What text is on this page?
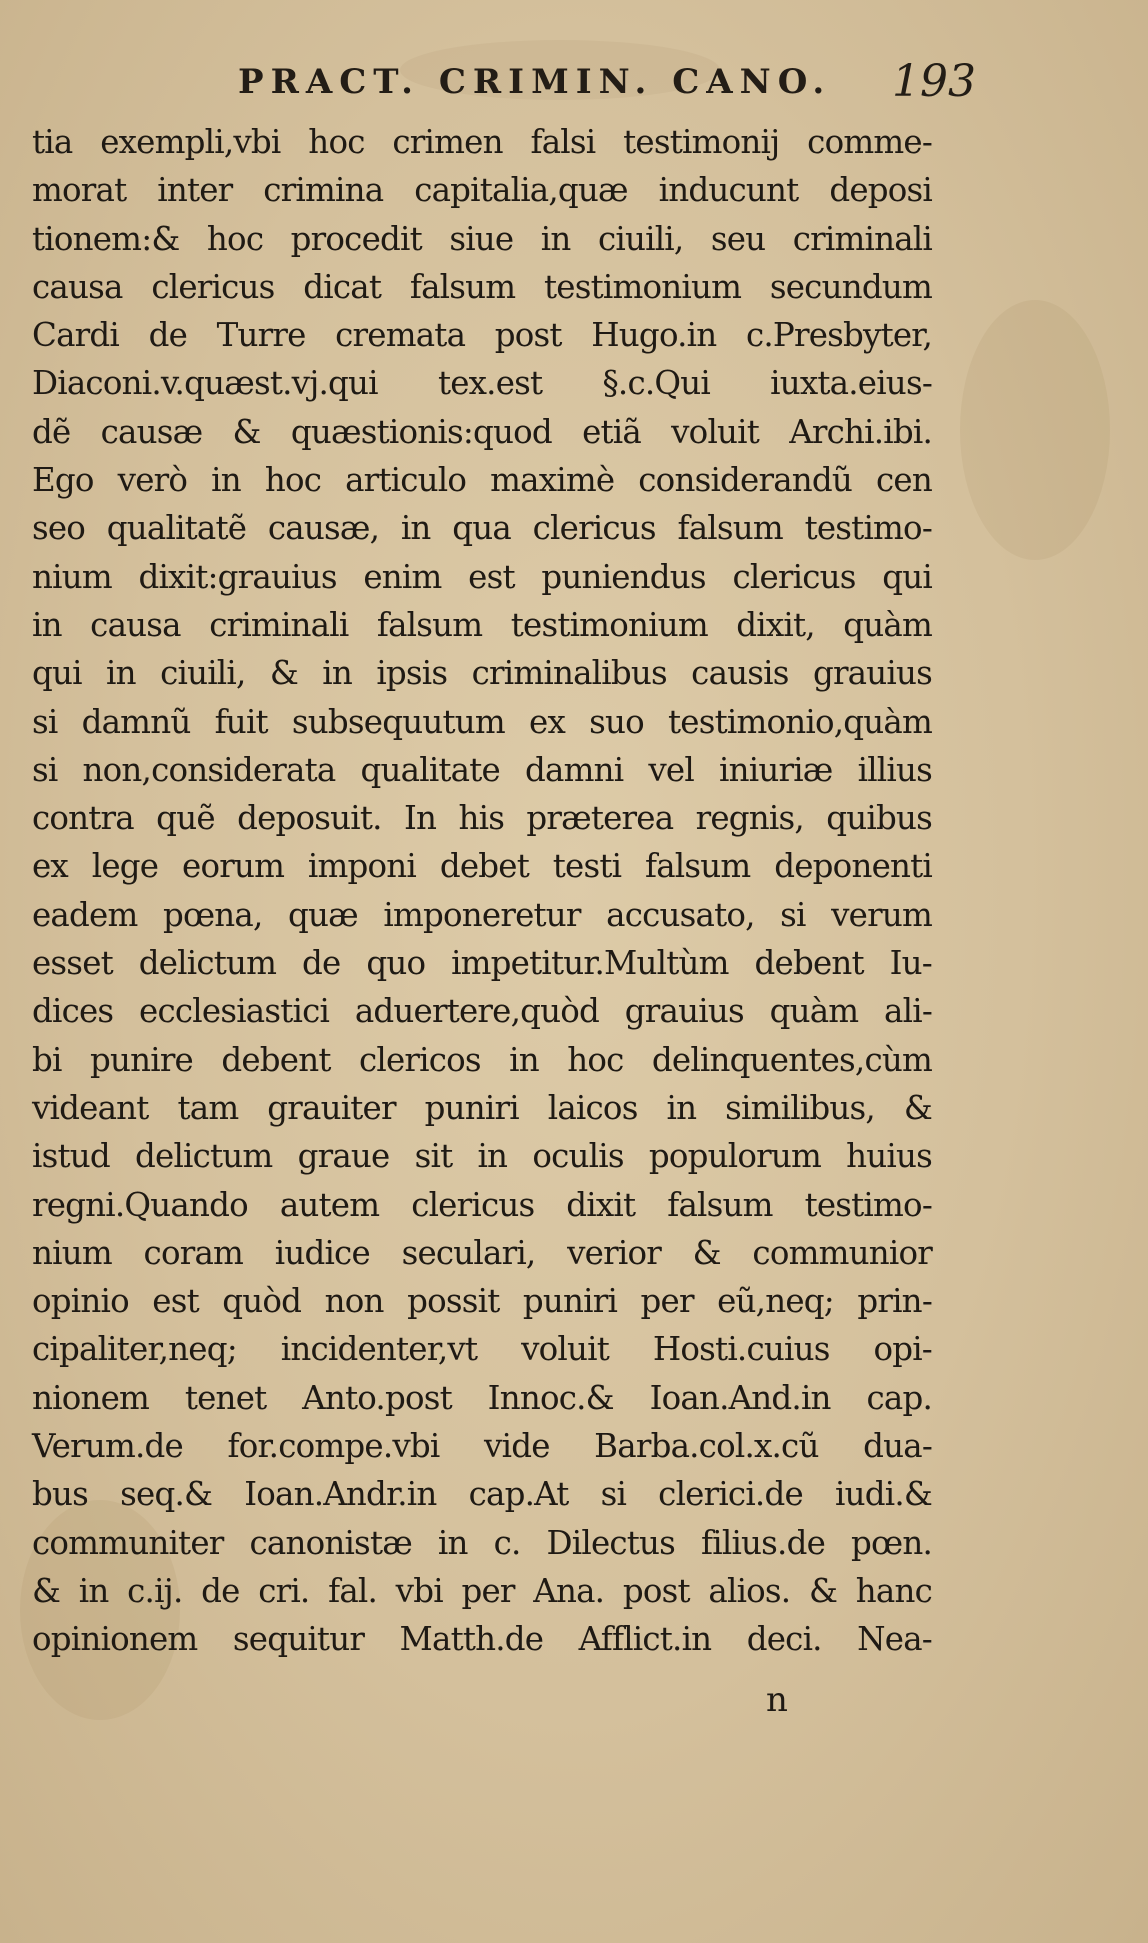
PRACT. CRIMIN. CANO. 193
tia exempli,vbi hoc crimen falsi testimonij comme-
morat inter crimina capitalia,quæ inducunt deposi
tionem:& hoc procedit siue in ciuili, seu criminali
causa clericus dicat falsum testimonium secundum
Cardi de Turre cremata post Hugo.in c.Presbyter,
Diaconi.v.quæst.vj.qui tex.est §.c.Qui iuxta.eius-
dẽ causæ & quæstionis:quod etiã voluit Archi.ibi.
Ego verò in hoc articulo maximè considerandũ cen
seo qualitatẽ causæ, in qua clericus falsum testimo-
nium dixit:grauius enim est puniendus clericus qui
in causa criminali falsum testimonium dixit, quàm
qui in ciuili, & in ipsis criminalibus causis grauius
si damnũ fuit subsequutum ex suo testimonio,quàm
si non,considerata qualitate damni vel iniuriæ illius
contra quẽ deposuit. In his præterea regnis, quibus
ex lege eorum imponi debet testi falsum deponenti
eadem pœna, quæ imponeretur accusato, si verum
esset delictum de quo impetitur.Multùm debent Iu-
dices ecclesiastici aduertere,quòd grauius quàm ali-
bi punire debent clericos in hoc delinquentes,cùm
videant tam grauiter puniri laicos in similibus, &
istud delictum graue sit in oculis populorum huius
regni.Quando autem clericus dixit falsum testimo-
nium coram iudice seculari, verior & communior
opinio est quòd non possit puniri per eũ,neq; prin-
cipaliter,neq; incidenter,vt voluit Hosti.cuius opi-
nionem tenet Anto.post Innoc.& Ioan.And.in cap.
Verum.de for.compe.vbi vide Barba.col.x.cũ dua-
bus seq.& Ioan.Andr.in cap.At si clerici.de iudi.&
communiter canonistæ in c. Dilectus filius.de pœn.
& in c.ij. de cri. fal. vbi per Ana. post alios. & hanc
opinionem sequitur Matth.de Afflict.in deci. Nea-
n
